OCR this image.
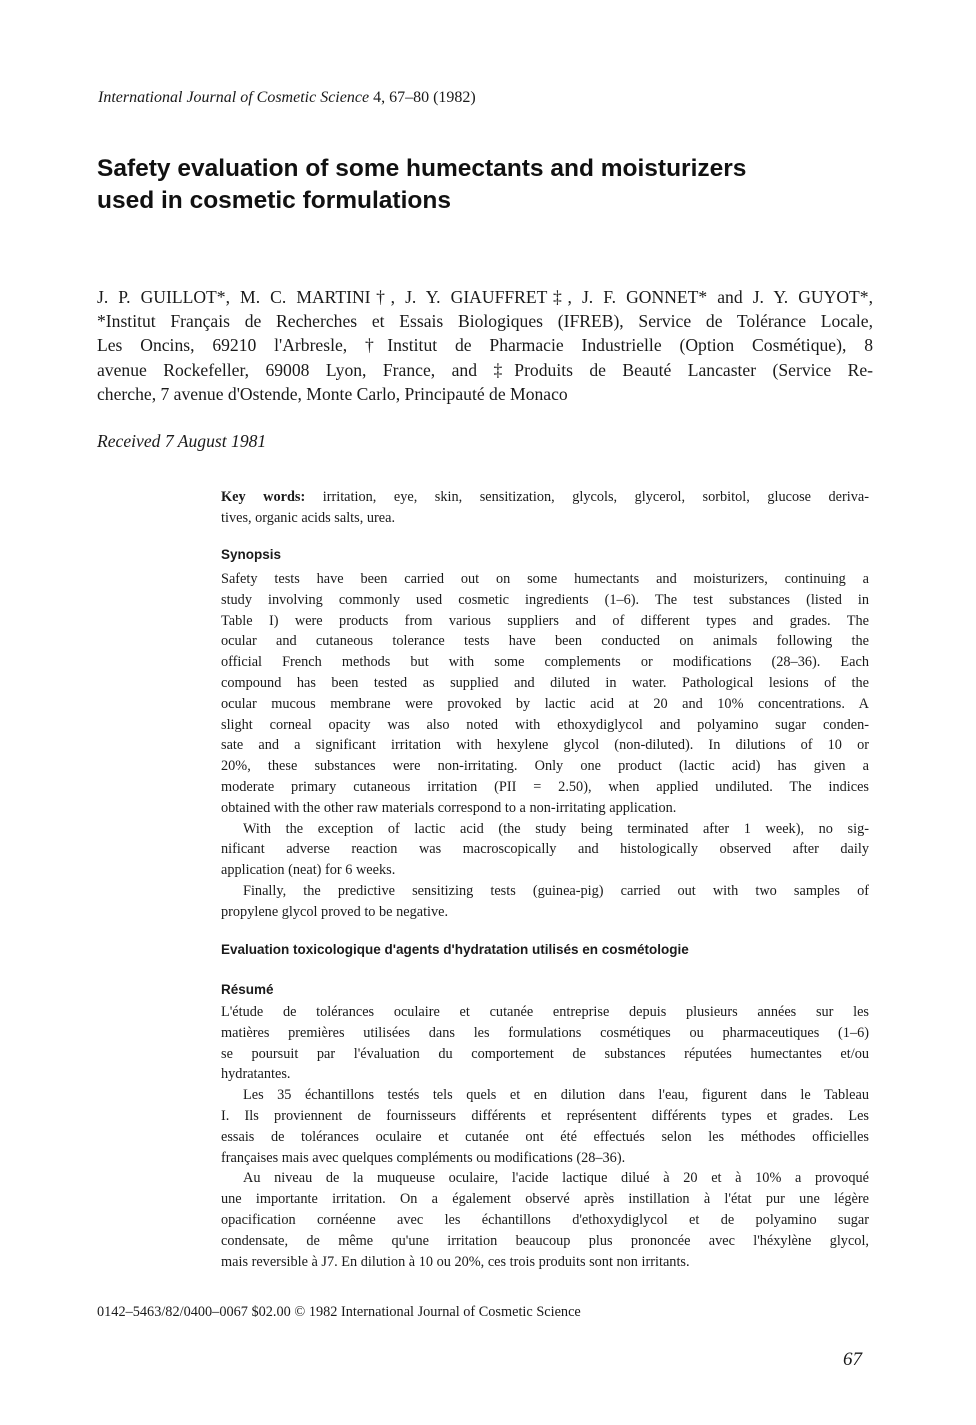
International Journal of Cosmetic Science 4, 67–80 (1982)
Safety evaluation of some humectants and moisturizers
used in cosmetic formulations
J. P. GUILLOT*, M. C. MARTINI†, J. Y. GIAUFFRET‡, J. F. GONNET* and J. Y. GUYOT*,
*Institut Français de Recherches et Essais Biologiques (IFREB), Service de Tolérance Locale,
Les Oncins, 69210 l'Arbresle, †Institut de Pharmacie Industrielle (Option Cosmétique), 8
avenue Rockefeller, 69008 Lyon, France, and ‡Produits de Beauté Lancaster (Service Re-
cherche, 7 avenue d'Ostende, Monte Carlo, Principauté de Monaco
Received 7 August 1981
Key words: irritation, eye, skin, sensitization, glycols, glycerol, sorbitol, glucose deriva-
tives, organic acids salts, urea.
Synopsis
Safety tests have been carried out on some humectants and moisturizers, continuing a
study involving commonly used cosmetic ingredients (1–6). The test substances (listed in
Table I) were products from various suppliers and of different types and grades. The
ocular and cutaneous tolerance tests have been conducted on animals following the
official French methods but with some complements or modifications (28–36). Each
compound has been tested as supplied and diluted in water. Pathological lesions of the
ocular mucous membrane were provoked by lactic acid at 20 and 10% concentrations. A
slight corneal opacity was also noted with ethoxydiglycol and polyamino sugar conden-
sate and a significant irritation with hexylene glycol (non-diluted). In dilutions of 10 or
20%, these substances were non-irritating. Only one product (lactic acid) has given a
moderate primary cutaneous irritation (PII = 2.50), when applied undiluted. The indices
obtained with the other raw materials correspond to a non-irritating application.
With the exception of lactic acid (the study being terminated after 1 week), no sig-
nificant adverse reaction was macroscopically and histologically observed after daily
application (neat) for 6 weeks.
Finally, the predictive sensitizing tests (guinea-pig) carried out with two samples of
propylene glycol proved to be negative.
Evaluation toxicologique d'agents d'hydratation utilisés en cosmétologie
Résumé
L'étude de tolérances oculaire et cutanée entreprise depuis plusieurs années sur les
matières premières utilisées dans les formulations cosmétiques ou pharmaceutiques (1–6)
se poursuit par l'évaluation du comportement de substances réputées humectantes et/ou
hydratantes.
Les 35 échantillons testés tels quels et en dilution dans l'eau, figurent dans le Tableau
I. Ils proviennent de fournisseurs différents et représentent différents types et grades. Les
essais de tolérances oculaire et cutanée ont été effectués selon les méthodes officielles
françaises mais avec quelques compléments ou modifications (28–36).
Au niveau de la muqueuse oculaire, l'acide lactique dilué à 20 et à 10% a provoqué
une importante irritation. On a également observé après instillation à l'état pur une légère
opacification cornéenne avec les échantillons d'ethoxydiglycol et de polyamino sugar
condensate, de même qu'une irritation beaucoup plus prononcée avec l'héxylène glycol,
mais reversible à J7. En dilution à 10 ou 20%, ces trois produits sont non irritants.
0142–5463/82/0400–0067 $02.00 © 1982 International Journal of Cosmetic Science
67
